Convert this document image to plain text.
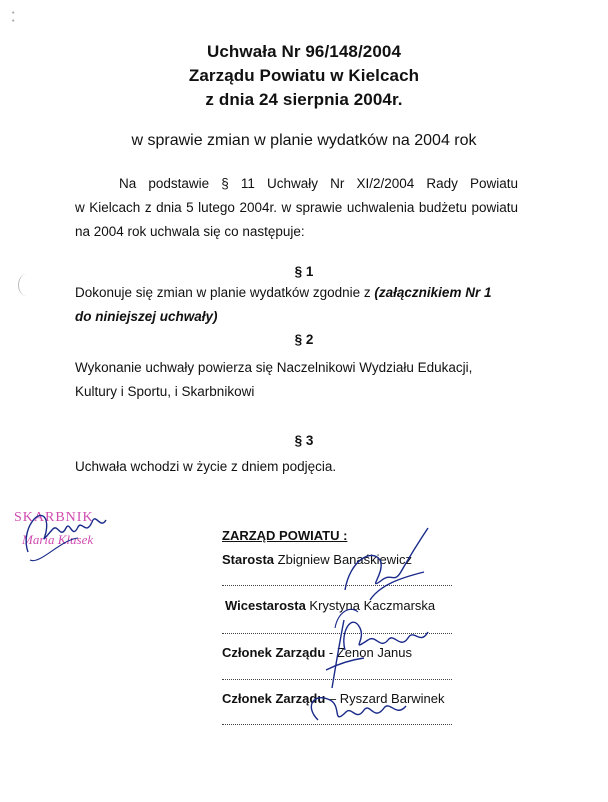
•
•
Uchwała Nr 96/148/2004
Zarządu Powiatu w Kielcach
z dnia 24 sierpnia 2004r.
w sprawie zmian w planie wydatków na 2004 rok
Na podstawie § 11 Uchwały Nr XI/2/2004 Rady Powiatu
w Kielcach z dnia 5 lutego 2004r. w sprawie uchwalenia budżetu powiatu
na 2004 rok uchwala się co następuje:
§ 1
Dokonuje się zmian w planie wydatków zgodnie z (załącznikiem Nr 1
do niniejszej uchwały)
§ 2
Wykonanie uchwały powierza się Naczelnikowi Wydziału Edukacji,
Kultury i Sportu, i Skarbnikowi
§ 3
Uchwała wchodzi w życie z dniem podjęcia.
SKARBNIK
Maria Klusek	ZARZĄD POWIATU :
Starosta Zbigniew Banaśkiewicz
Wicestarosta Krystyna Kaczmarska
Członek Zarządu - Zenon Janus
Członek Zarządu – Ryszard Barwinek
